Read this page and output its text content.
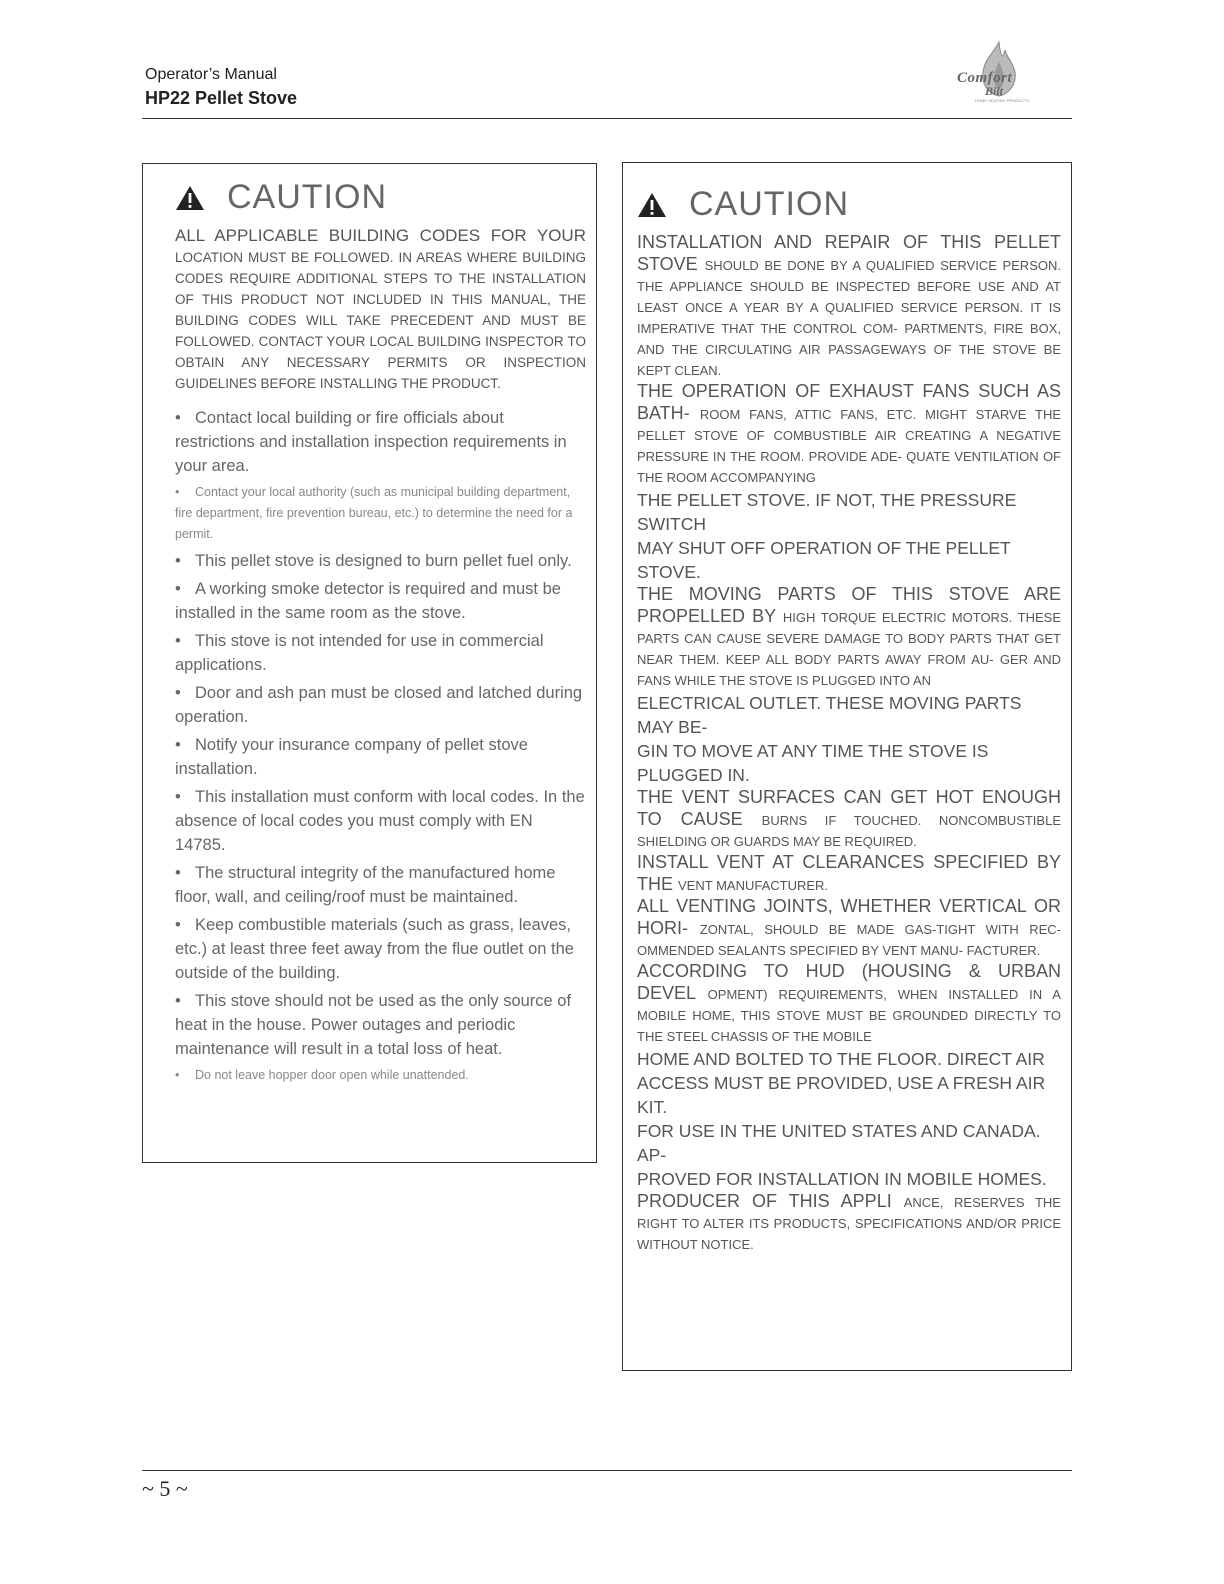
Operator’s Manual
HP22 Pellet Stove
Comfort
Bilt
HOME HEATING PRODUCTS
CAUTION
ALL APPLICABLE BUILDING CODES FOR YOUR LOCATION MUST BE FOLLOWED. IN AREAS WHERE BUILDING CODES REQUIRE ADDITIONAL STEPS TO THE INSTALLATION OF THIS PRODUCT NOT INCLUDED IN THIS MANUAL, THE BUILDING CODES WILL TAKE PRECEDENT AND MUST BE FOLLOWED. CONTACT YOUR LOCAL BUILDING INSPECTOR TO OBTAIN ANY NECESSARY PERMITS OR INSPECTION GUIDELINES BEFORE INSTALLING THE PRODUCT.
• Contact local building or fire officials about restrictions and installation inspection requirements in your area.
• Contact your local authority (such as municipal building department, fire department, fire prevention bureau, etc.) to determine the need for a permit.
• This pellet stove is designed to burn pellet fuel only.
• A working smoke detector is required and must be installed in the same room as the stove.
• This stove is not intended for use in commercial applications.
• Door and ash pan must be closed and latched during operation.
• Notify your insurance company of pellet stove installation.
• This installation must conform with local codes. In the absence of local codes you must comply with EN 14785.
• The structural integrity of the manufactured home floor, wall, and ceiling/roof must be maintained.
• Keep combustible materials (such as grass, leaves, etc.) at least three feet away from the flue outlet on the outside of the building.
• This stove should not be used as the only source of heat in the house. Power outages and periodic maintenance will result in a total loss of heat.
• Do not leave hopper door open while unattended.
CAUTION
INSTALLATION AND REPAIR OF THIS PELLET STOVE SHOULD BE DONE BY A QUALIFIED SERVICE PERSON. THE APPLIANCE SHOULD BE INSPECTED BEFORE USE AND AT LEAST ONCE A YEAR BY A QUALIFIED SERVICE PERSON. IT IS IMPERATIVE THAT THE CONTROL COM- PARTMENTS, FIRE BOX, AND THE CIRCULATING AIR PASSAGEWAYS OF THE STOVE BE KEPT CLEAN.
THE OPERATION OF EXHAUST FANS SUCH AS BATH- ROOM FANS, ATTIC FANS, ETC. MIGHT STARVE THE PELLET STOVE OF COMBUSTIBLE AIR CREATING A NEGATIVE PRESSURE IN THE ROOM. PROVIDE ADE- QUATE VENTILATION OF THE ROOM ACCOMPANYING
THE PELLET STOVE. IF NOT, THE PRESSURE SWITCH
MAY SHUT OFF OPERATION OF THE PELLET STOVE.
THE MOVING PARTS OF THIS STOVE ARE PROPELLED BY HIGH TORQUE ELECTRIC MOTORS. THESE PARTS CAN CAUSE SEVERE DAMAGE TO BODY PARTS THAT GET NEAR THEM. KEEP ALL BODY PARTS AWAY FROM AU- GER AND FANS WHILE THE STOVE IS PLUGGED INTO AN
ELECTRICAL OUTLET. THESE MOVING PARTS MAY BE-
GIN TO MOVE AT ANY TIME THE STOVE IS PLUGGED IN.
THE VENT SURFACES CAN GET HOT ENOUGH TO CAUSE BURNS IF TOUCHED. NONCOMBUSTIBLE SHIELDING OR GUARDS MAY BE REQUIRED.
INSTALL VENT AT CLEARANCES SPECIFIED BY THE VENT MANUFACTURER.
ALL VENTING JOINTS, WHETHER VERTICAL OR HORI- ZONTAL, SHOULD BE MADE GAS-TIGHT WITH REC- OMMENDED SEALANTS SPECIFIED BY VENT MANU- FACTURER.
ACCORDING TO HUD (HOUSING & URBAN DEVEL OPMENT) REQUIREMENTS, WHEN INSTALLED IN A MOBILE HOME, THIS STOVE MUST BE GROUNDED DIRECTLY TO THE STEEL CHASSIS OF THE MOBILE
HOME AND BOLTED TO THE FLOOR. DIRECT AIR ACCESS MUST BE PROVIDED, USE A FRESH AIR KIT.
FOR USE IN THE UNITED STATES AND CANADA. AP-
PROVED FOR INSTALLATION IN MOBILE HOMES.
PRODUCER OF THIS APPLI ANCE, RESERVES THE RIGHT TO ALTER ITS PRODUCTS, SPECIFICATIONS AND/OR PRICE WITHOUT NOTICE.
~ 5 ~
